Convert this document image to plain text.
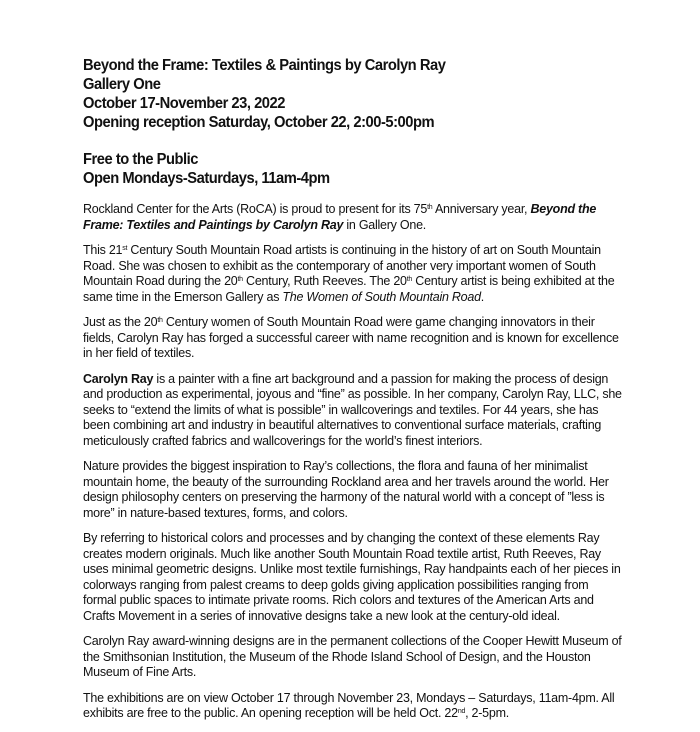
Beyond the Frame: Textiles & Paintings by Carolyn Ray
Gallery One
October 17-November 23, 2022
Opening reception Saturday, October 22, 2:00-5:00pm
Free to the Public
Open Mondays-Saturdays, 11am-4pm

Rockland Center for the Arts (RoCA) is proud to present for its 75th Anniversary year, Beyond the Frame: Textiles and Paintings by Carolyn Ray in Gallery One.

This 21st Century South Mountain Road artists is continuing in the history of art on South Mountain Road. She was chosen to exhibit as the contemporary of another very important women of South Mountain Road during the 20th Century, Ruth Reeves. The 20th Century artist is being exhibited at the same time in the Emerson Gallery as The Women of South Mountain Road.

Just as the 20th Century women of South Mountain Road were game changing innovators in their fields, Carolyn Ray has forged a successful career with name recognition and is known for excellence in her field of textiles.

Carolyn Ray is a painter with a fine art background and a passion for making the process of design and production as experimental, joyous and “fine” as possible. In her company, Carolyn Ray, LLC, she seeks to “extend the limits of what is possible” in wallcoverings and textiles. For 44 years, she has been combining art and industry in beautiful alternatives to conventional surface materials, crafting meticulously crafted fabrics and wallcoverings for the world’s finest interiors.

Nature provides the biggest inspiration to Ray’s collections, the flora and fauna of her minimalist mountain home, the beauty of the surrounding Rockland area and her travels around the world. Her design philosophy centers on preserving the harmony of the natural world with a concept of ”less is more” in nature-based textures, forms, and colors.

By referring to historical colors and processes and by changing the context of these elements Ray creates modern originals. Much like another South Mountain Road textile artist, Ruth Reeves, Ray uses minimal geometric designs. Unlike most textile furnishings, Ray handpaints each of her pieces in colorways ranging from palest creams to deep golds giving application possibilities ranging from formal public spaces to intimate private rooms. Rich colors and textures of the American Arts and Crafts Movement in a series of innovative designs take a new look at the century-old ideal.

Carolyn Ray award-winning designs are in the permanent collections of the Cooper Hewitt Museum of the Smithsonian Institution, the Museum of the Rhode Island School of Design, and the Houston Museum of Fine Arts.

The exhibitions are on view October 17 through November 23, Mondays – Saturdays, 11am-4pm. All exhibits are free to the public. An opening reception will be held Oct. 22nd, 2-5pm.
